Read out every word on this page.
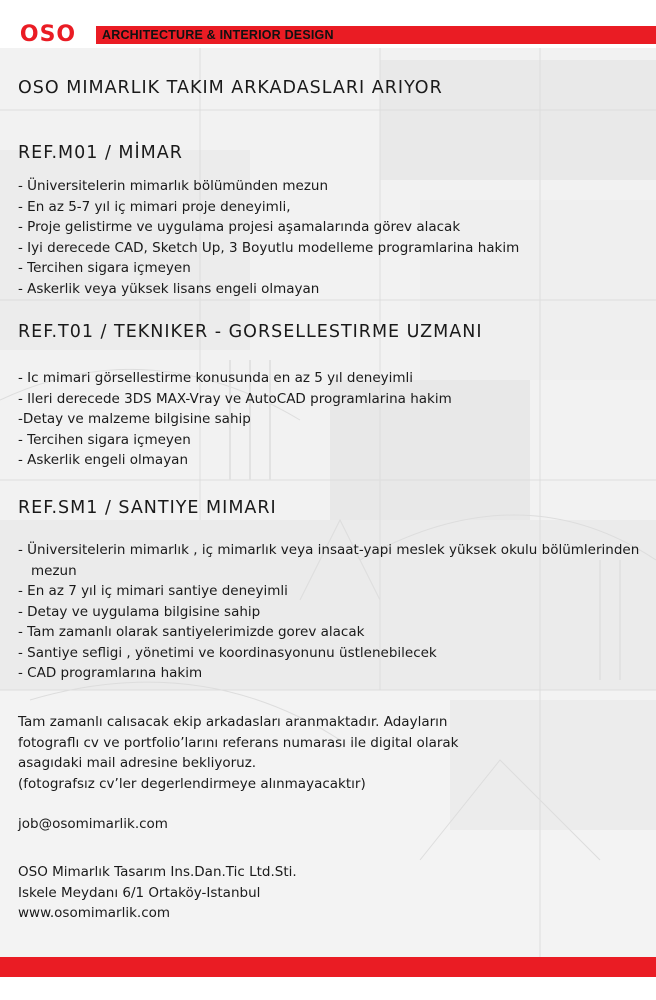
OSO ARCHITECTURE & INTERIOR DESIGN
OSO MIMARLIK TAKIM ARKADASLARI ARIYOR
REF.M01 / MİMAR
- Üniversitelerin mimarlık bölümünden mezun
- En az 5-7 yıl iç mimari proje deneyimli,
- Proje gelistirme ve uygulama projesi aşamalarında görev alacak
- Iyi derecede CAD, Sketch Up, 3 Boyutlu modelleme programlarina hakim
- Tercihen sigara içmeyen
- Askerlik veya yüksek lisans engeli olmayan
REF.T01 / TEKNIKER - GORSELLESTIRME UZMANI
- Ic mimari görsellestirme konusunda en az 5 yıl deneyimli
- Ileri derecede 3DS MAX-Vray ve AutoCAD programlarina hakim
-Detay ve malzeme bilgisine sahip
- Tercihen sigara içmeyen
- Askerlik engeli olmayan
REF.SM1 / SANTIYE MIMARI
- Üniversitelerin mimarlık , iç mimarlık veya insaat-yapi meslek yüksek okulu bölümlerinden mezun
- En az 7 yıl iç mimari santiye deneyimli
- Detay ve uygulama bilgisine sahip
- Tam zamanlı olarak santiyelerimizde gorev alacak
- Santiye sefligi , yönetimi ve koordinasyonunu üstlenebilecek
- CAD programlarına hakim
Tam zamanlı calısacak ekip arkadasları aranmaktadır. Adayların
fotograflı cv ve portfolio’larını referans numarası ile digital olarak
asagıdaki mail adresine bekliyoruz.
(fotografsız cv’ler degerlendirmeye alınmayacaktır)
job@osomimarlik.com
OSO Mimarlık Tasarım Ins.Dan.Tic Ltd.Sti.
Iskele Meydanı 6/1 Ortaköy-Istanbul
www.osomimarlik.com
